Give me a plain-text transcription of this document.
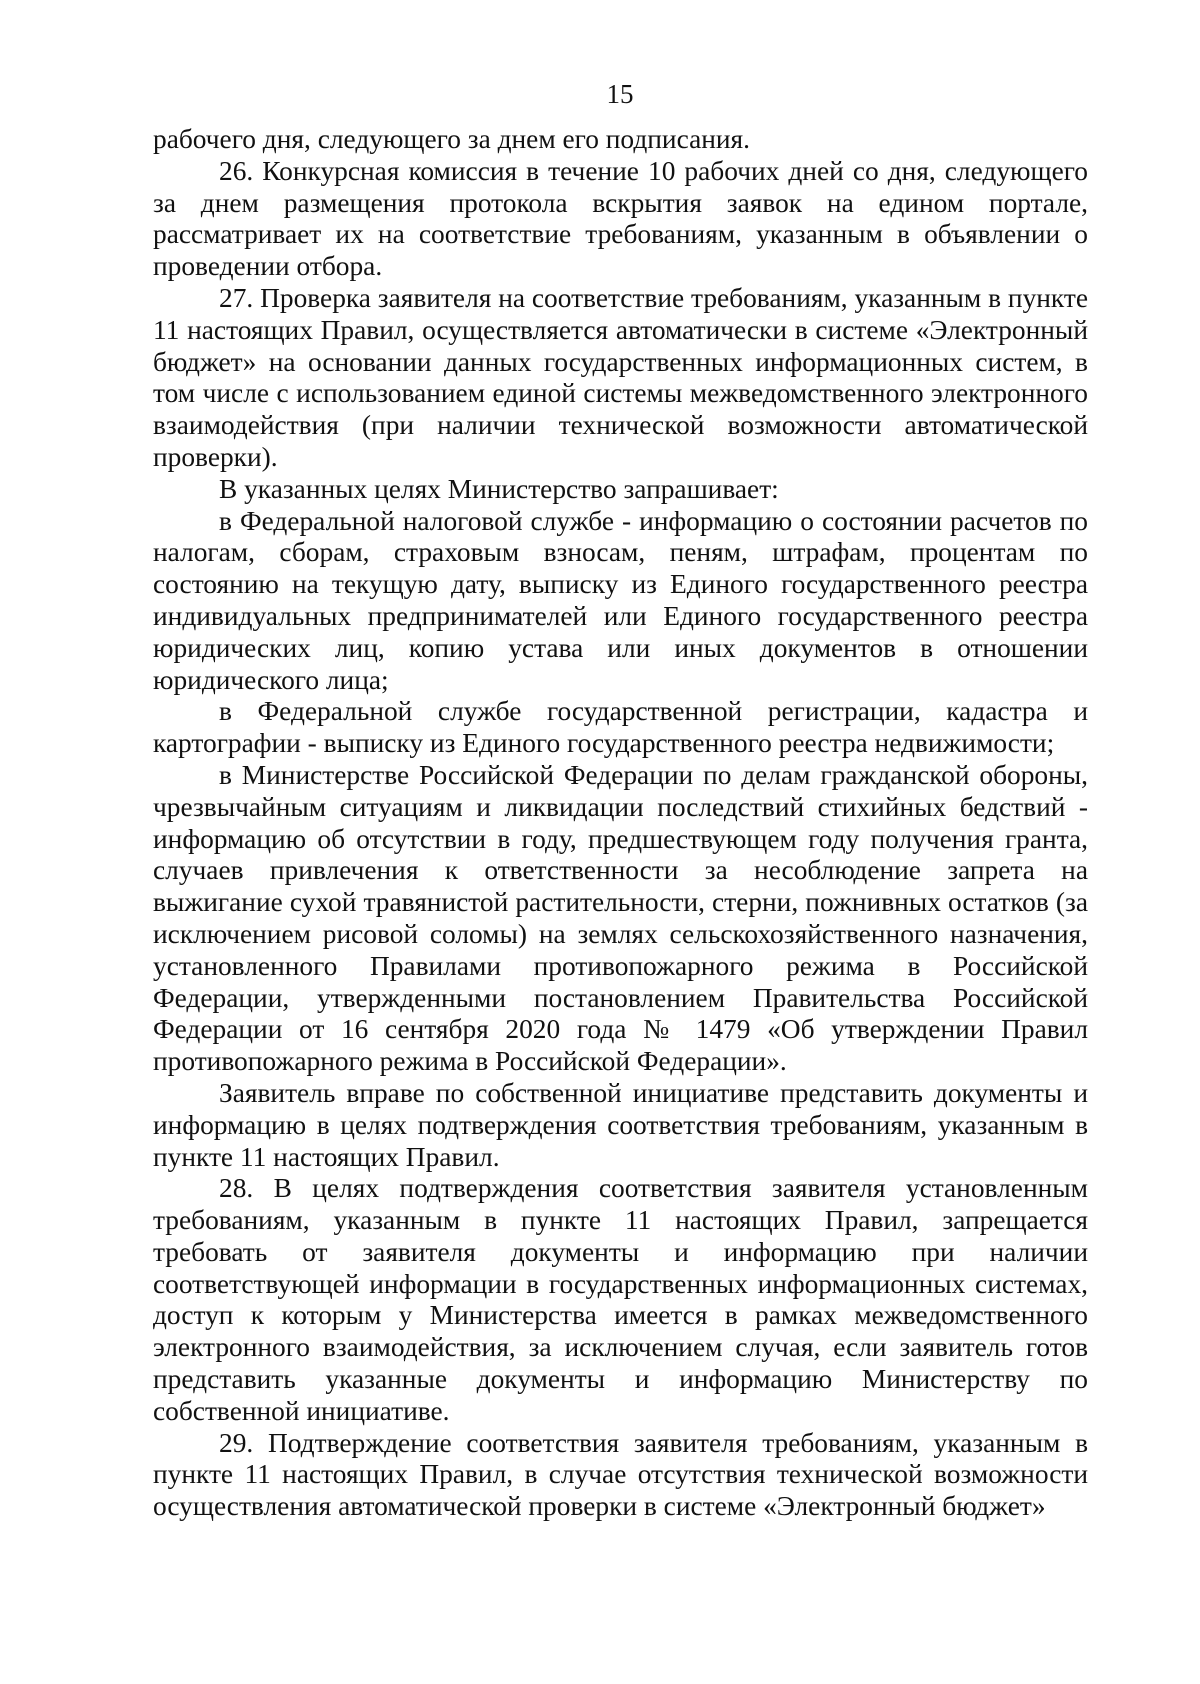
15

рабочего дня, следующего за днем его подписания.

26. Конкурсная комиссия в течение 10 рабочих дней со дня, следующего за днем размещения протокола вскрытия заявок на едином портале, рассматривает их на соответствие требованиям, указанным в объявлении о проведении отбора.

27. Проверка заявителя на соответствие требованиям, указанным в пункте 11 настоящих Правил, осуществляется автоматически в системе «Электронный бюджет» на основании данных государственных информационных систем, в том числе с использованием единой системы межведомственного электронного взаимодействия (при наличии технической возможности автоматической проверки).

В указанных целях Министерство запрашивает:

в Федеральной налоговой службе - информацию о состоянии расчетов по налогам, сборам, страховым взносам, пеням, штрафам, процентам по состоянию на текущую дату, выписку из Единого государственного реестра индивидуальных предпринимателей или Единого государственного реестра юридических лиц, копию устава или иных документов в отношении юридического лица;

в Федеральной службе государственной регистрации, кадастра и картографии - выписку из Единого государственного реестра недвижимости;

в Министерстве Российской Федерации по делам гражданской обороны, чрезвычайным ситуациям и ликвидации последствий стихийных бедствий - информацию об отсутствии в году, предшествующем году получения гранта, случаев привлечения к ответственности за несоблюдение запрета на выжигание сухой травянистой растительности, стерни, пожнивных остатков (за исключением рисовой соломы) на землях сельскохозяйственного назначения, установленного Правилами противопожарного режима в Российской Федерации, утвержденными постановлением Правительства Российской Федерации от 16 сентября 2020 года № 1479 «Об утверждении Правил противопожарного режима в Российской Федерации».

Заявитель вправе по собственной инициативе представить документы и информацию в целях подтверждения соответствия требованиям, указанным в пункте 11 настоящих Правил.

28. В целях подтверждения соответствия заявителя установленным требованиям, указанным в пункте 11 настоящих Правил, запрещается требовать от заявителя документы и информацию при наличии соответствующей информации в государственных информационных системах, доступ к которым у Министерства имеется в рамках межведомственного электронного взаимодействия, за исключением случая, если заявитель готов представить указанные документы и информацию Министерству по собственной инициативе.

29. Подтверждение соответствия заявителя требованиям, указанным в пункте 11 настоящих Правил, в случае отсутствия технической возможности осуществления автоматической проверки в системе «Электронный бюджет»
